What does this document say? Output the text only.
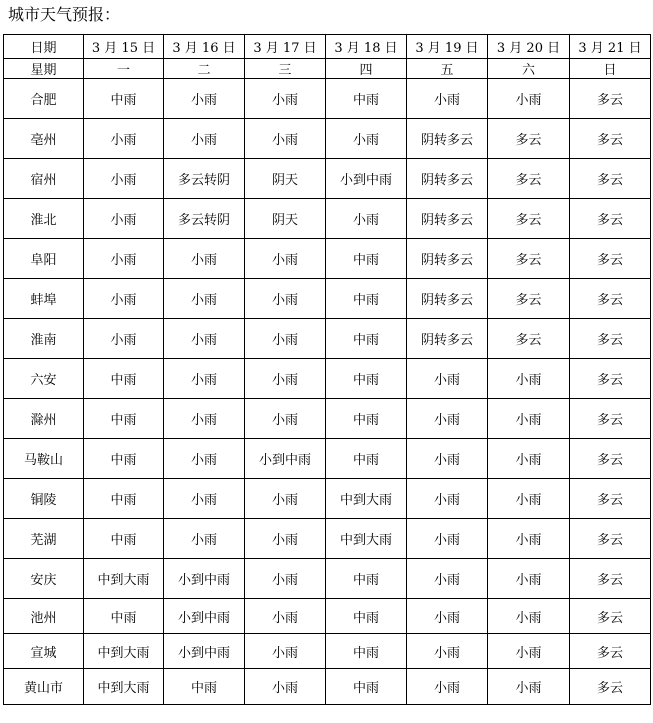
城市天气预报：
日期	3 月 15 日	3 月 16 日	3 月 17 日	3 月 18 日	3 月 19 日	3 月 20 日	3 月 21 日
星期	一	二	三	四	五	六	日
合肥	中雨	小雨	小雨	中雨	小雨	小雨	多云
亳州	小雨	小雨	小雨	小雨	阴转多云	多云	多云
宿州	小雨	多云转阴	阴天	小到中雨	阴转多云	多云	多云
淮北	小雨	多云转阴	阴天	小雨	阴转多云	多云	多云
阜阳	小雨	小雨	小雨	中雨	阴转多云	多云	多云
蚌埠	小雨	小雨	小雨	中雨	阴转多云	多云	多云
淮南	小雨	小雨	小雨	中雨	阴转多云	多云	多云
六安	中雨	小雨	小雨	中雨	小雨	小雨	多云
滁州	中雨	小雨	小雨	中雨	小雨	小雨	多云
马鞍山	中雨	小雨	小到中雨	中雨	小雨	小雨	多云
铜陵	中雨	小雨	小雨	中到大雨	小雨	小雨	多云
芜湖	中雨	小雨	小雨	中到大雨	小雨	小雨	多云
安庆	中到大雨	小到中雨	小雨	中雨	小雨	小雨	多云
池州	中雨	小到中雨	小雨	中雨	小雨	小雨	多云
宣城	中到大雨	小到中雨	小雨	中雨	小雨	小雨	多云
黄山市	中到大雨	中雨	小雨	中雨	小雨	小雨	多云
